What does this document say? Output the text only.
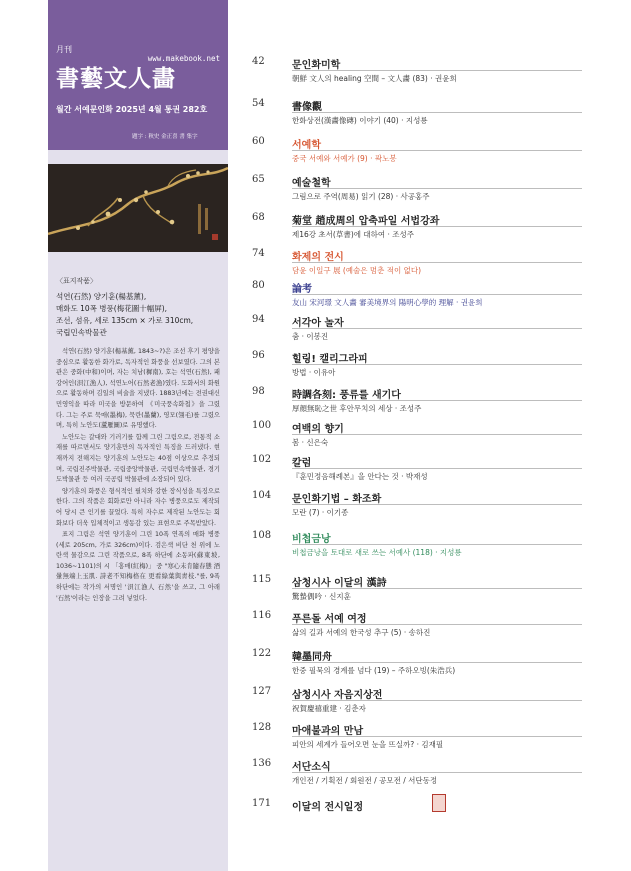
月刊
www.makebook.net
書藝文人畵
월간 서예문인화 2025년 4월 통권 282호
題字 : 秋史 金正喜 書 集字
〈표지작품〉
석연(石然) 양기훈(楊基薰),
매화도 10폭 병풍(梅花圖十幅屛),
조선, 섬유, 세로 135cm × 가로 310cm,
국립민속박물관

석연(石然) 양기훈(楊基薰, 1843~?)은 조선 후기 평양을 중심으로 활동한 화가로, 독자적인 화풍을 선보였다. 그의 본관은 중화(中和)이며, 자는 치남(穉南), 호는 석연(石然), 패강어인(浿江漁人), 석연노어(石然老漁)였다. 도화서의 화원으로 활동하며 김일의 비술을 지냈다. 1883년에는 전권대신 민영익을 따라 미국을 방문하여 《미국풍속화첩》을 그렸다. 그는 주로 묵매(墨梅), 묵란(墨蘭), 영모(翎毛)를 그렸으며, 특히 노안도(蘆雁圖)로 유명했다.

노안도는 갈대와 기러기를 함께 그린 그림으로, 전통적 소재를 따르면서도 양기훈만의 독자적인 특징을 드러냈다. 현재까지 전해지는 양기훈의 노안도는 40점 이상으로 추정되며, 국립진주박물관, 국립중앙박물관, 국립민속박물관, 경기도박물관 등 여러 국공립 박물관에 소장되어 있다.

양기훈의 화풍은 형식적인 필치와 강한 장식성을 특징으로 한다. 그의 작품은 회화로만 아니라 자수 병풍으로도 제작되어 당시 큰 인기를 끌었다. 특히 자수로 제작된 노안도는 회화보다 더욱 입체적이고 생동감 있는 표현으로 주목받았다.

표지 그림은 석연 양기훈이 그린 10폭 연폭의 매화 병풍(세로 205cm, 가로 326cm)이다. 검은색 비단 천 위에 노란색 물감으로 그린 작품으로, 8폭 하단에 소동파(蘇東坡, 1036~1101)의 시 「홍매(紅梅)」 중 "寒心未肯隨春態 酒暈無端上玉肌. 詩老不知梅格在 更看綠葉與靑枝."를, 9폭 하단에는 작가의 서명인 '浿江漁人 石然'을 쓰고, 그 아래 '石然'이라는 인장을 그려 넣었다.

42	문인화미학
朝鮮 文人의 healing 空間 – 文人畵 (83) · 권윤희
54	書像觀
한화상전(漢畵像磚) 이야기 (40) · 지성룡
60	서예학
중국 서예와 서예가 (9) · 곽노봉
65	예술철학
그림으로 주역(周易) 읽기 (28) · 사공홍주
68	菊堂 趙成周의 압축파일 서법강좌
제16강 초서(草書)에 대하여 · 조성주
74	화제의 전시
담윤 이일구 展 (예술은 멈춘 적이 없다)
80	論考
友山 宋河璟 文人畵 審美境界의 陽明心學的 理解 · 권윤희
94	서각아 놀자
춤 · 이봉진
96	힐링! 캘리그라피
방법 · 이유아
98	時調各刻: 풍류를 새기다
厚顔無恥之世 후안무치의 세상 · 조성주
100	여백의 향기
봄 · 신은숙
102	칼럼
『훈민정음해례본』을 안다는 것 · 박재성
104	문인화기법 – 화조화
모란 (7) · 이기종
108	비첩금낭
비첩금낭을 토대로 새로 쓰는 서예사 (118) · 지성룡
115	삼청시사 이달의 漢詩
驚蟄偶吟 · 신지훈
116	푸른돌 서예 여정
삶의 길과 서예의 한국성 추구 (5) · 송하진
122	韓墨同舟
한중 필묵의 경계를 넘다 (19) – 주하오빙(朱浩兵)
127	삼청시사 자음지상전
祝賀慶禧重建 · 김춘자
128	마애불과의 만남
피안의 세계가 들어오면 눈을 뜨실까? · 김재필
136	서단소식
개인전 / 기획전 / 회원전 / 공모전 / 서단동정
171	이달의 전시일정
